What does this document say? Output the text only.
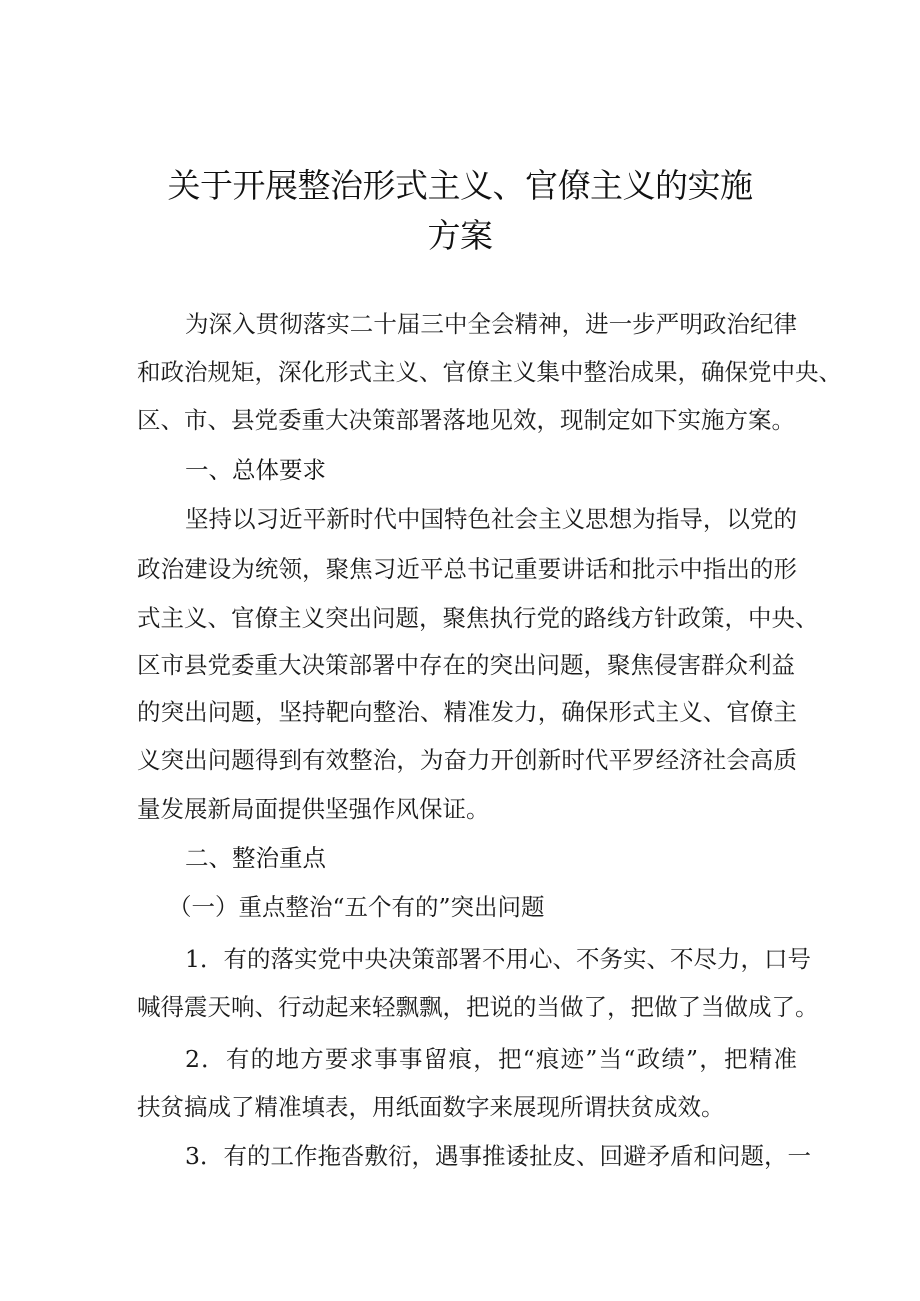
关于开展整治形式主义、官僚主义的实施
方案
为深入贯彻落实二十届三中全会精神，进一步严明政治纪律
和政治规矩，深化形式主义、官僚主义集中整治成果，确保党中央、
区、市、县党委重大决策部署落地见效，现制定如下实施方案。
一、总体要求
坚持以习近平新时代中国特色社会主义思想为指导，以党的
政治建设为统领，聚焦习近平总书记重要讲话和批示中指出的形
式主义、官僚主义突出问题，聚焦执行党的路线方针政策，中央、
区市县党委重大决策部署中存在的突出问题，聚焦侵害群众利益
的突出问题，坚持靶向整治、精准发力，确保形式主义、官僚主
义突出问题得到有效整治，为奋力开创新时代平罗经济社会高质
量发展新局面提供坚强作风保证。
二、整治重点
（一）重点整治“五个有的”突出问题
1．有的落实党中央决策部署不用心、不务实、不尽力，口号
喊得震天响、行动起来轻飘飘，把说的当做了，把做了当做成了。
2．有的地方要求事事留痕，把“痕迹”当“政绩”，把精准
扶贫搞成了精准填表，用纸面数字来展现所谓扶贫成效。
3．有的工作拖沓敷衍，遇事推诿扯皮、回避矛盾和问题，一
